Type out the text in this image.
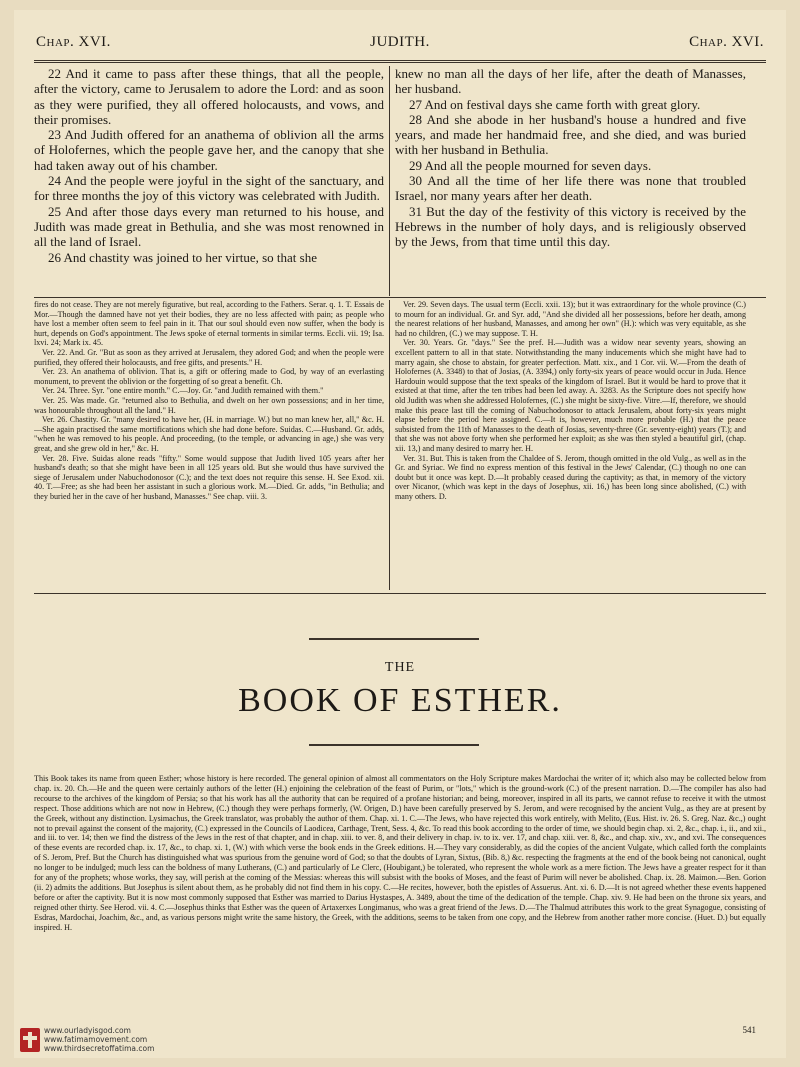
Chap. XVI.	JUDITH.	Chap. XVI.

22 And it came to pass after these things, that all the people, after the victory, came to Jerusalem to adore the Lord: and as soon as they were purified, they all offered holocausts, and vows, and their promises.

23 And Judith offered for an anathema of oblivion all the arms of Holofernes, which the people gave her, and the canopy that she had taken away out of his chamber.

24 And the people were joyful in the sight of the sanctuary, and for three months the joy of this victory was celebrated with Judith.

25 And after those days every man returned to his house, and Judith was made great in Bethulia, and she was most renowned in all the land of Israel.

26 And chastity was joined to her virtue, so that she

knew no man all the days of her life, after the death of Manasses, her husband.

27 And on festival days she came forth with great glory.

28 And she abode in her husband's house a hundred and five years, and made her handmaid free, and she died, and was buried with her husband in Bethulia.

29 And all the people mourned for seven days.

30 And all the time of her life there was none that troubled Israel, nor many years after her death.

31 But the day of the festivity of this victory is received by the Hebrews in the number of holy days, and is religiously observed by the Jews, from that time until this day.

fires do not cease. They are not merely figurative, but real, according to the Fathers. Serar. q. 1. T. Essais de Mor.—Though the damned have not yet their bodies, they are no less affected with pain; as people who have lost a member often seem to feel pain in it. That our soul should even now suffer, when the body is hurt, depends on God's appointment. The Jews spoke of eternal torments in similar terms. Eccli. vii. 19; Isa. lxvi. 24; Mark ix. 45.

Ver. 22. And. Gr. "But as soon as they arrived at Jerusalem, they adored God; and when the people were purified, they offered their holocausts, and free gifts, and presents." H.

Ver. 23. An anathema of oblivion. That is, a gift or offering made to God, by way of an everlasting monument, to prevent the oblivion or the forgetting of so great a benefit. Ch.

Ver. 24. Three. Syr. "one entire month." C.—Joy. Gr. "and Judith remained with them."

Ver. 25. Was made. Gr. "returned also to Bethulia, and dwelt on her own possessions; and in her time, was honourable throughout all the land." H.

Ver. 26. Chastity. Gr. "many desired to have her, (H. in marriage. W.) but no man knew her, all," &c. H.—She again practised the same mortifications which she had done before. Suidas. C.—Husband. Gr. adds, "when he was removed to his people. And proceeding, (to the temple, or advancing in age,) she was very great, and she grew old in her," &c. H.

Ver. 28. Five. Suidas alone reads "fifty." Some would suppose that Judith lived 105 years after her husband's death; so that she might have been in all 125 years old. But she would thus have survived the siege of Jerusalem under Nabuchodonosor (C.); and the text does not require this sense. H. See Exod. xii. 40. T.—Free; as she had been her assistant in such a glorious work. M.—Died. Gr. adds, "in Bethulia; and they buried her in the cave of her husband, Manasses." See chap. viii. 3.

Ver. 29. Seven days. The usual term (Eccli. xxii. 13); but it was extraordinary for the whole province (C.) to mourn for an individual. Gr. and Syr. add, "And she divided all her possessions, before her death, among the nearest relations of her husband, Manasses, and among her own" (H.): which was very equitable, as she had no children, (C.) we may suppose. T. H.

Ver. 30. Years. Gr. "days." See the pref. H.—Judith was a widow near seventy years, showing an excellent pattern to all in that state. Notwithstanding the many inducements which she might have had to marry again, she chose to abstain, for greater perfection. Matt. xix., and 1 Cor. vii. W.—From the death of Holofernes (A. 3348) to that of Josias, (A. 3394,) only forty-six years of peace would occur in Juda. Hence Hardouin would suppose that the text speaks of the kingdom of Israel. But it would be hard to prove that it existed at that time, after the ten tribes had been led away. A. 3283. As the Scripture does not specify how old Judith was when she addressed Holofernes, (C.) she might be sixty-five. Vitre.—If, therefore, we should make this peace last till the coming of Nabuchodonosor to attack Jerusalem, about forty-six years might elapse before the period here assigned. C.—It is, however, much more probable (H.) that the peace subsisted from the 11th of Manasses to the death of Josias, seventy-three (Gr. seventy-eight) years (T.); and that she was not above forty when she performed her exploit; as she was then styled a beautiful girl, (chap. xii. 13,) and many desired to marry her. H.

Ver. 31. But. This is taken from the Chaldee of S. Jerom, though omitted in the old Vulg., as well as in the Gr. and Syriac. We find no express mention of this festival in the Jews' Calendar, (C.) though no one can doubt but it once was kept. D.—It probably ceased during the captivity; as that, in memory of the victory over Nicanor, (which was kept in the days of Josephus, xii. 16,) has been long since abolished, (C.) with many others. D.

THE
BOOK OF ESTHER.
This Book takes its name from queen Esther; whose history is here recorded. The general opinion of almost all commentators on the Holy Scripture makes Mardochai the writer of it; which also may be collected below from chap. ix. 20. Ch.—He and the queen were certainly authors of the letter (H.) enjoining the celebration of the feast of Purim, or "lots," which is the ground-work (C.) of the present narration. D.—The compiler has also had recourse to the archives of the kingdom of Persia; so that his work has all the authority that can be required of a profane historian; and being, moreover, inspired in all its parts, we cannot refuse to receive it with the utmost respect. Those additions which are not now in Hebrew, (C.) though they were perhaps formerly, (W. Origen, D.) have been carefully preserved by S. Jerom, and were recognised by the ancient Vulg., as they are at present by the Greek, without any distinction. Lysimachus, the Greek translator, was probably the author of them. Chap. xi. 1. C.—The Jews, who have rejected this work entirely, with Melito, (Eus. Hist. iv. 26. S. Greg. Naz. &c.,) ought not to prevail against the consent of the majority, (C.) expressed in the Councils of Laodicea, Carthage, Trent, Sess. 4, &c. To read this book according to the order of time, we should begin chap. xi. 2, &c., chap. i., ii., and xii., and iii. to ver. 14; then we find the distress of the Jews in the rest of that chapter, and in chap. xiii. to ver. 8, and their delivery in chap. iv. to ix. ver. 17, and chap. xiii. ver. 8, &c., and chap. xiv., xv., and xvi. The consequences of these events are recorded chap. ix. 17, &c., to chap. xi. 1, (W.) with which verse the book ends in the Greek editions. H.—They vary considerably, as did the copies of the ancient Vulgate, which called forth the complaints of S. Jerom, Pref. But the Church has distinguished what was spurious from the genuine word of God; so that the doubts of Lyran, Sixtus, (Bib. 8,) &c. respecting the fragments at the end of the book being not canonical, ought no longer to be indulged; much less can the boldness of many Lutherans, (C.) and particularly of Le Clerc, (Houbigant,) be tolerated, who represent the whole work as a mere fiction. The Jews have a greater respect for it than for any of the prophets; whose works, they say, will perish at the coming of the Messias: whereas this will subsist with the books of Moses, and the feast of Purim will never be abolished. Chap. ix. 28. Maimon.—Ben. Gorion (ii. 2) admits the additions. But Josephus is silent about them, as he probably did not find them in his copy. C.—He recites, however, both the epistles of Assuerus. Ant. xi. 6. D.—It is not agreed whether these events happened before or after the captivity. But it is now most commonly supposed that Esther was married to Darius Hystaspes, A. 3489, about the time of the dedication of the temple. Chap. xiv. 9. He had been on the throne six years, and reigned other thirty. See Herod. vii. 4. C.—Josephus thinks that Esther was the queen of Artaxerxes Longimanus, who was a great friend of the Jews. D.—The Thalmud attributes this work to the great Synagogue, consisting of Esdras, Mardochai, Joachim, &c., and, as various persons might write the same history, the Greek, with the additions, seems to be taken from one copy, and the Hebrew from another rather more concise. (Huet. D.) but equally inspired. H.
541
www.ourladyisgod.com
www.fatimamovement.com
www.thirdsecretoffatima.com
